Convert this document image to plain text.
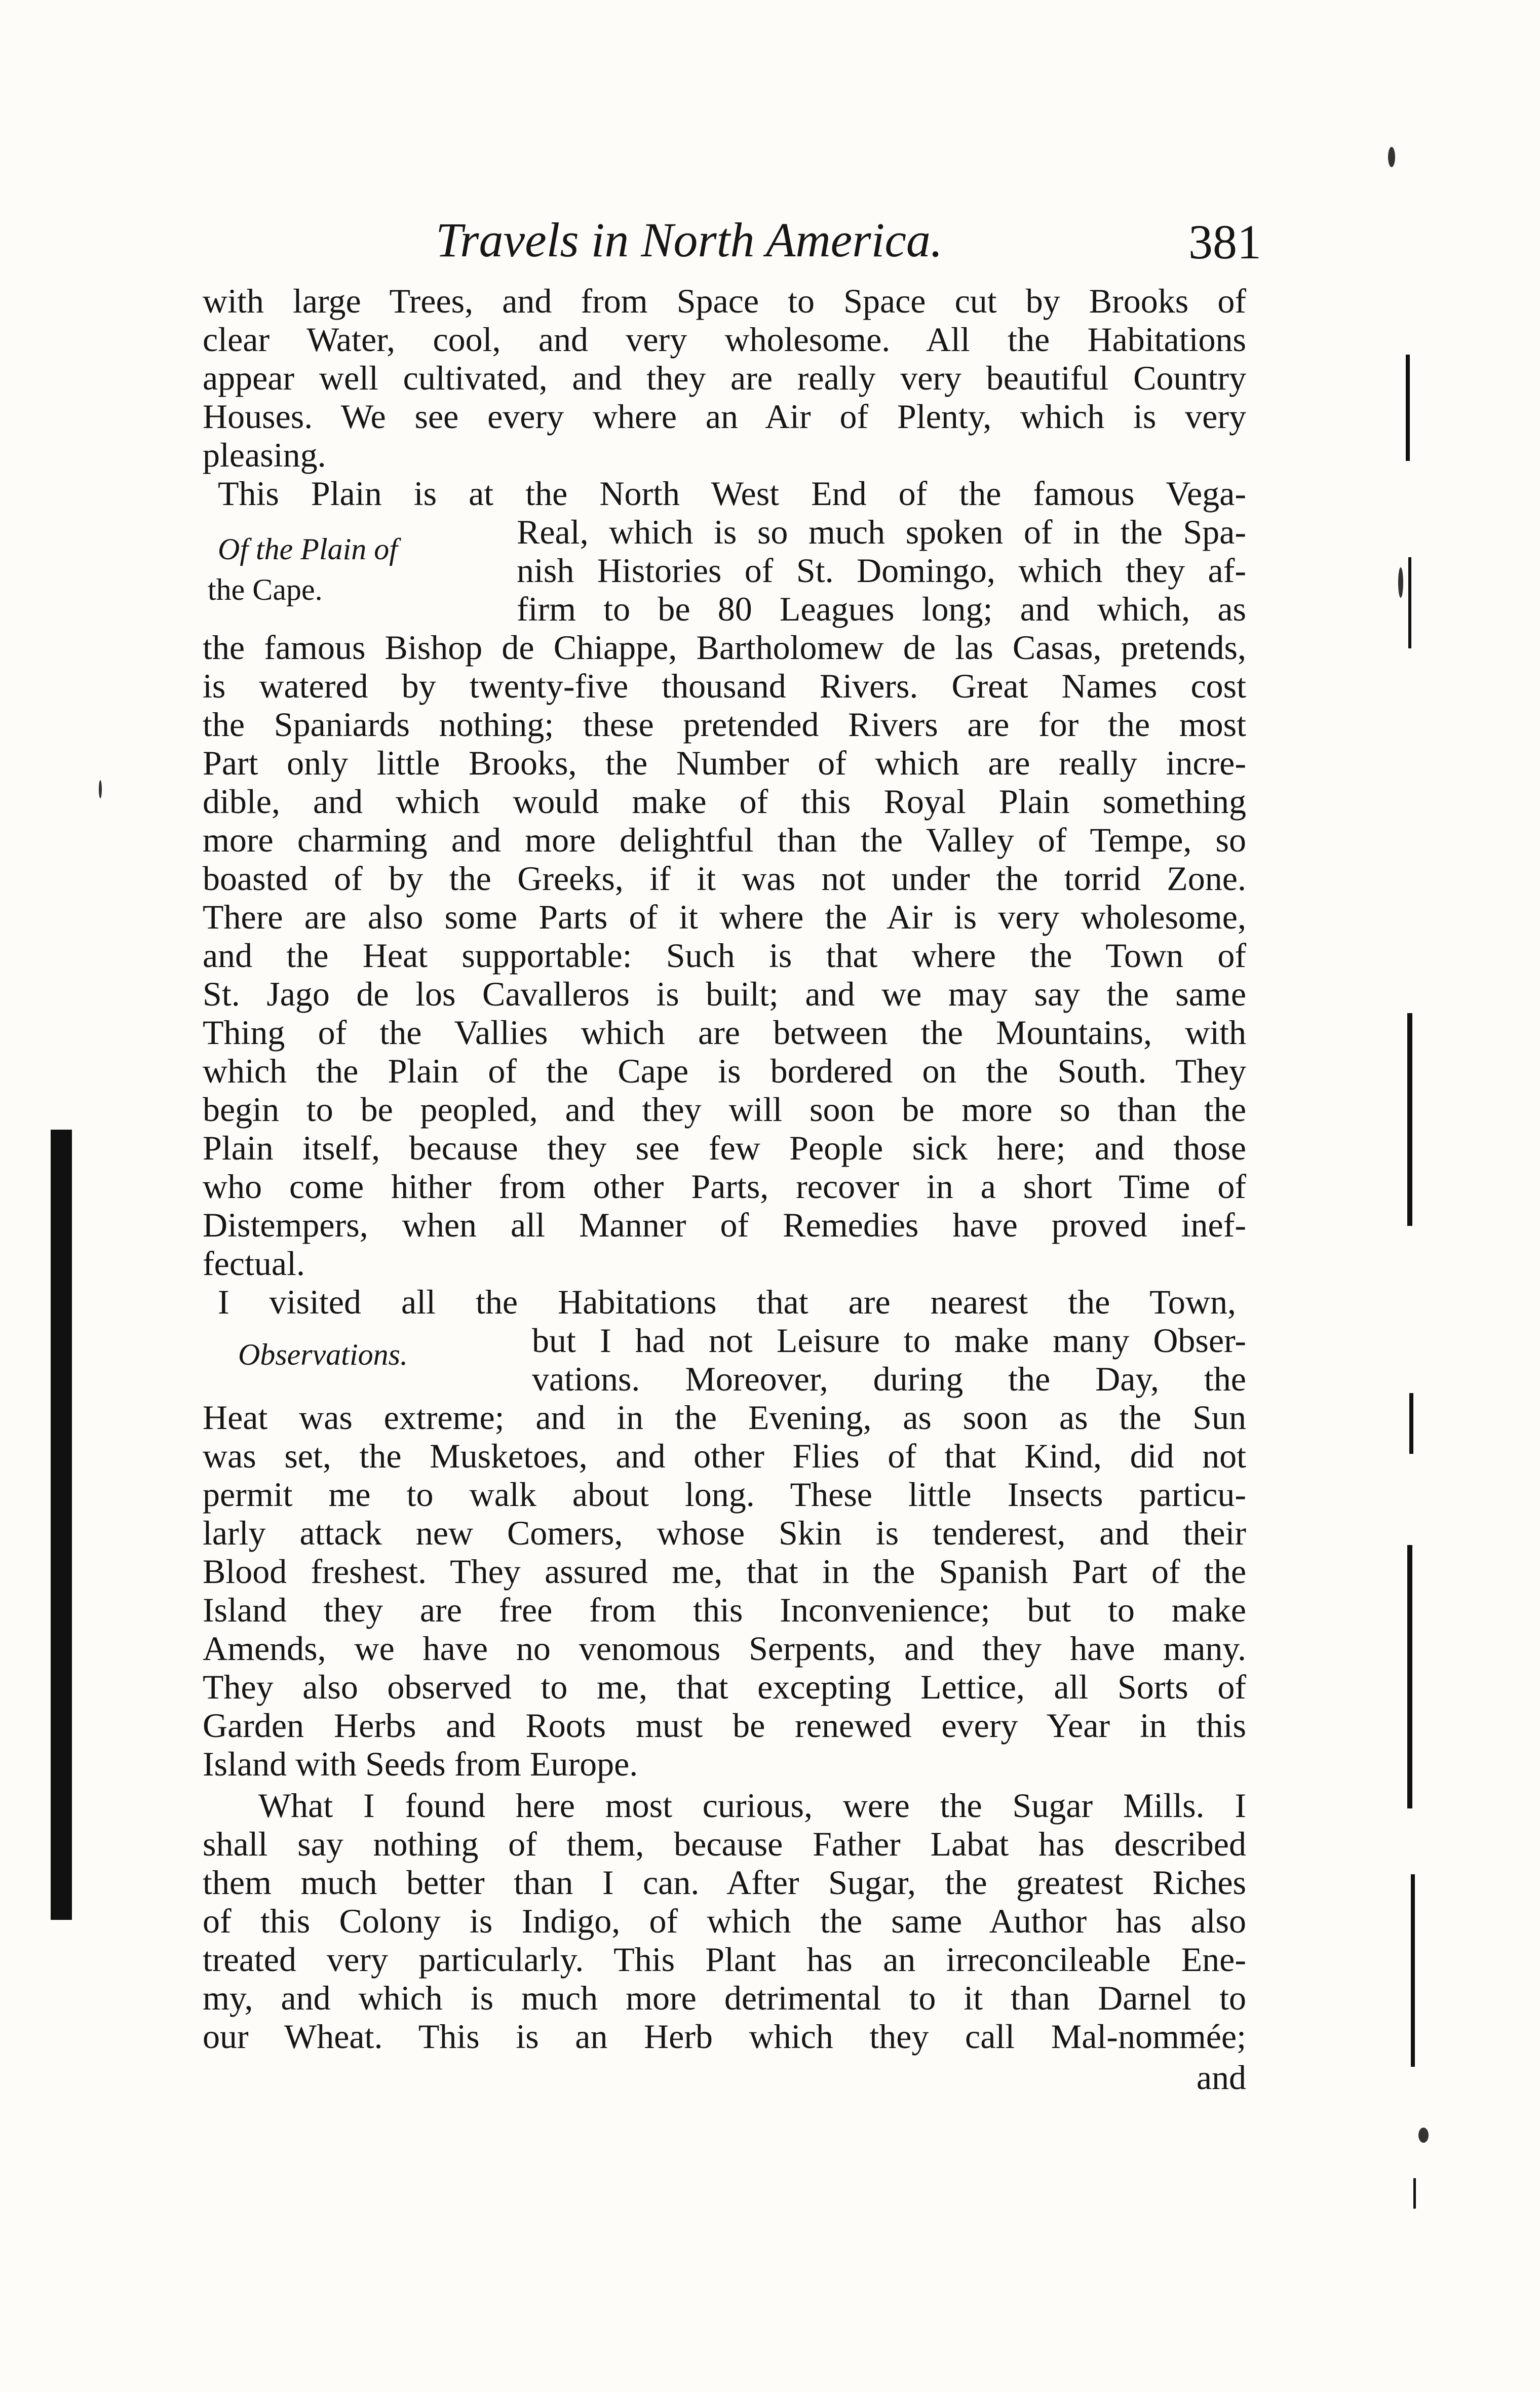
Travels in North America.	381
Of the Plain of
the Cape.
Observations.
with large Trees, and from Space to Space cut by Brooks of
clear Water, cool, and very wholesome. All the Habitations
appear well cultivated, and they are really very beautiful Country
Houses. We see every where an Air of Plenty, which is very
pleasing.
This Plain is at the North West End of the famous Vega-
Real, which is so much spoken of in the Spa-
nish Histories of St. Domingo, which they af-
firm to be 80 Leagues long; and which, as
the famous Bishop de Chiappe, Bartholomew de las Casas, pretends,
is watered by twenty-five thousand Rivers. Great Names cost
the Spaniards nothing; these pretended Rivers are for the most
Part only little Brooks, the Number of which are really incre-
dible, and which would make of this Royal Plain something
more charming and more delightful than the Valley of Tempe, so
boasted of by the Greeks, if it was not under the torrid Zone.
There are also some Parts of it where the Air is very wholesome,
and the Heat supportable: Such is that where the Town of
St. Jago de los Cavalleros is built; and we may say the same
Thing of the Vallies which are between the Mountains, with
which the Plain of the Cape is bordered on the South. They
begin to be peopled, and they will soon be more so than the
Plain itself, because they see few People sick here; and those
who come hither from other Parts, recover in a short Time of
Distempers, when all Manner of Remedies have proved inef-
fectual.
I visited all the Habitations that are nearest the Town,
but I had not Leisure to make many Obser-
vations. Moreover, during the Day, the
Heat was extreme; and in the Evening, as soon as the Sun
was set, the Musketoes, and other Flies of that Kind, did not
permit me to walk about long. These little Insects particu-
larly attack new Comers, whose Skin is tenderest, and their
Blood freshest. They assured me, that in the Spanish Part of the
Island they are free from this Inconvenience; but to make
Amends, we have no venomous Serpents, and they have many.
They also observed to me, that excepting Lettice, all Sorts of
Garden Herbs and Roots must be renewed every Year in this
Island with Seeds from Europe.
What I found here most curious, were the Sugar Mills. I
shall say nothing of them, because Father Labat has described
them much better than I can. After Sugar, the greatest Riches
of this Colony is Indigo, of which the same Author has also
treated very particularly. This Plant has an irreconcileable Ene-
my, and which is much more detrimental to it than Darnel to
our Wheat. This is an Herb which they call Mal-nommée;
and
